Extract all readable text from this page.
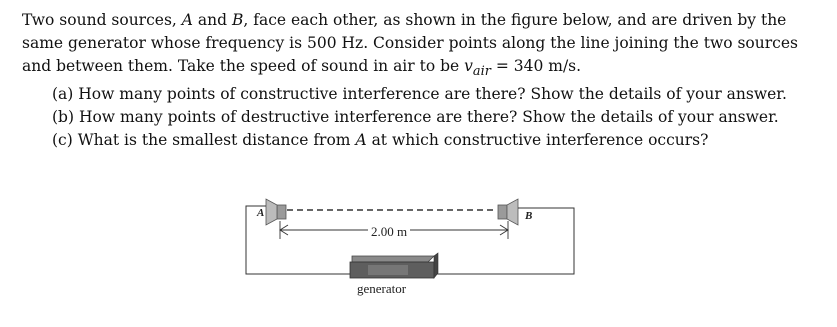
Two sound sources, A and B, face each other, as shown in the figure below, and are driven by the same generator whose frequency is 500 Hz. Consider points along the line joining the two sources and between them. Take the speed of sound in air to be $v_{air} = 340$ m/s.

(a) How many points of constructive interference are there? Show the details of your answer.

(b) How many points of destructive interference are there? Show the details of your answer.

(c) What is the smallest distance from A at which constructive interference occurs?

A	B
2.00 m
generator
